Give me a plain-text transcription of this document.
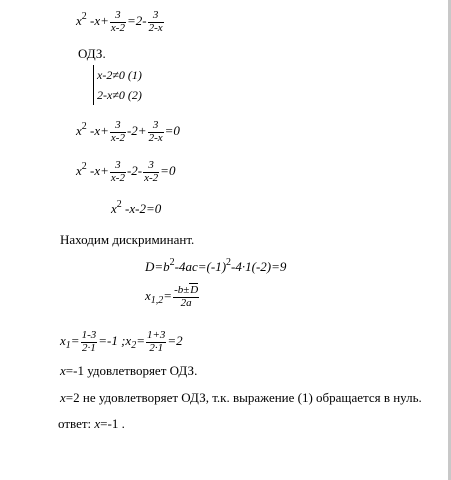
$x^2$ $-x+ \frac{3}{x-2} =2- \frac{3}{2-x}$
ОДЗ.
x-2≠0 (1)
2-x≠0 (2)
$x^2$ $-x+ \frac{3}{x-2} -2+ \frac{3}{2-x} =0$
$x^2$ $-x+ \frac{3}{x-2} -2- \frac{3}{x-2} =0$
$x^2$ -x-2=0
Находим дискриминант.
$D=b^2-4ac=(-1)^2-4\cdot 1(-2)=9$
$x_{1,2}= \frac{-b\pm D}{2a}$
$x_1= \frac{1-3}{2\cdot 1} =-1$ $;x_2= \frac{1+3}{2\cdot 1} =2$
x=-1 удовлетворяет ОДЗ.
x=2 не удовлетворяет ОДЗ, т.к. выражение (1) обращается в нуль.
ответ: x=-1 .
